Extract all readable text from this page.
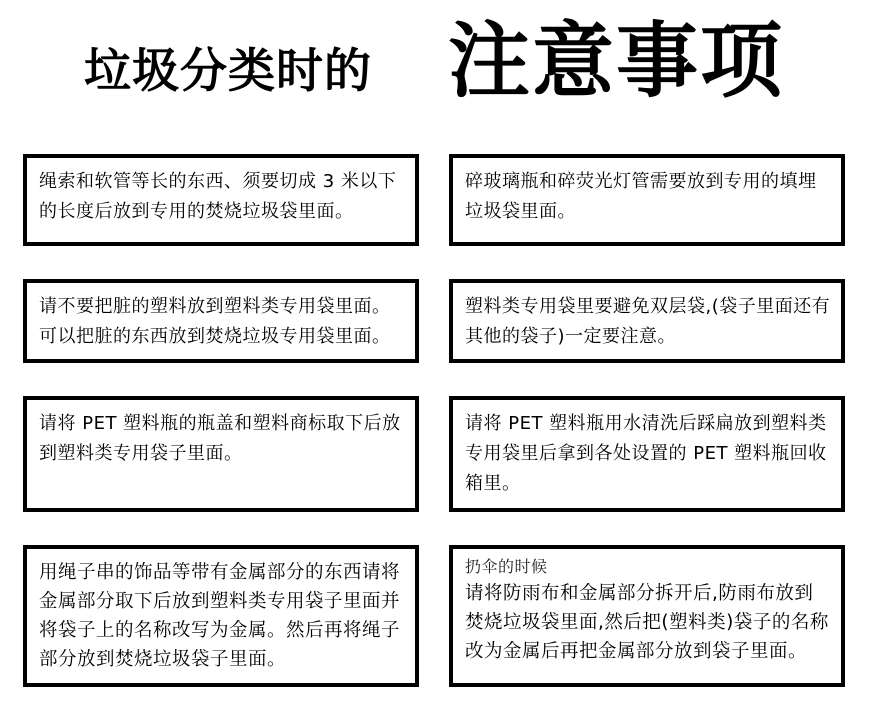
垃圾分类时的 注意事项
绳索和软管等长的东西、须要切成 3 米以下的长度后放到专用的焚烧垃圾袋里面。
碎玻璃瓶和碎荧光灯管需要放到专用的填埋垃圾袋里面。
请不要把脏的塑料放到塑料类专用袋里面。可以把脏的东西放到焚烧垃圾专用袋里面。
塑料类专用袋里要避免双层袋,(袋子里面还有其他的袋子)一定要注意。
请将 PET 塑料瓶的瓶盖和塑料商标取下后放到塑料类专用袋子里面。
请将 PET 塑料瓶用水清洗后踩扁放到塑料类专用袋里后拿到各处设置的 PET 塑料瓶回收箱里。
用绳子串的饰品等带有金属部分的东西请将金属部分取下后放到塑料类专用袋子里面并将袋子上的名称改写为金属。然后再将绳子部分放到焚烧垃圾袋子里面。
扔伞的时候
请将防雨布和金属部分拆开后,防雨布放到焚烧垃圾袋里面,然后把(塑料类)袋子的名称改为金属后再把金属部分放到袋子里面。
